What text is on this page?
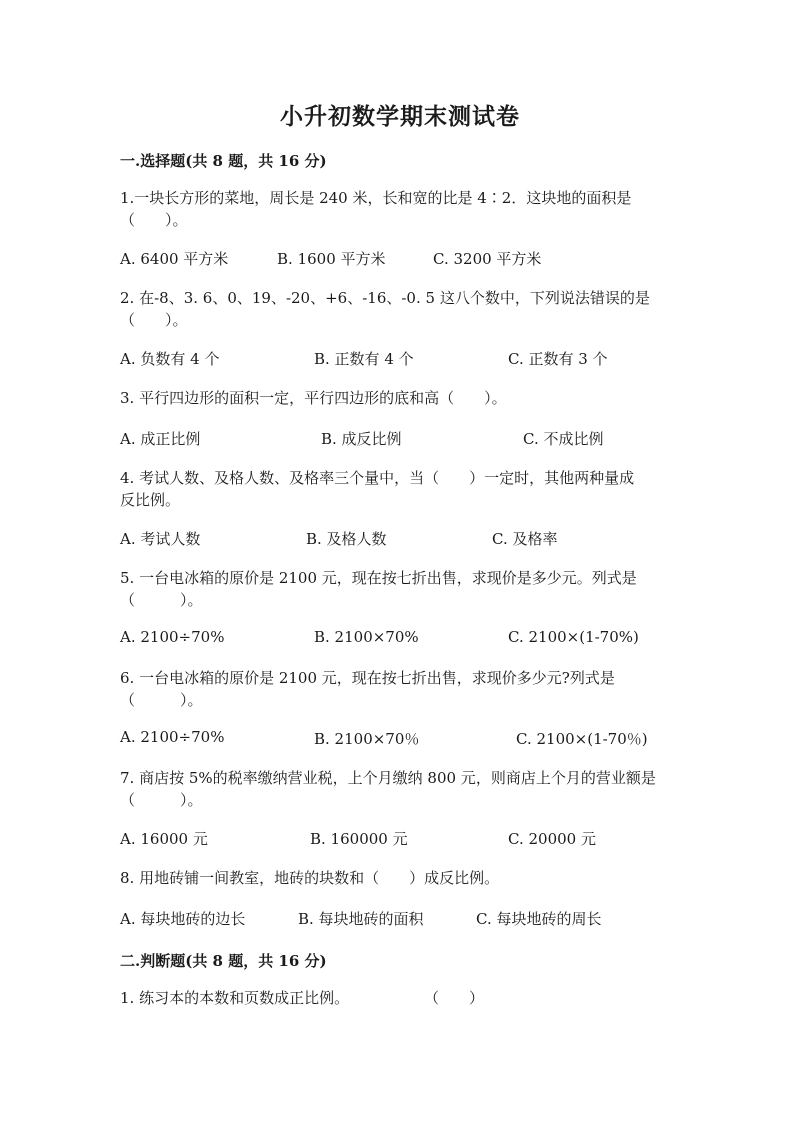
小升初数学期末测试卷
一.选择题(共 8 题，共 16 分)
1.一块长方形的菜地，周长是 240 米，长和宽的比是 4∶2．这块地的面积是
（　　）。
A. 6400 平方米	B. 1600 平方米	C. 3200 平方米
2. 在-8、3. 6、0、19、-20、+6、-16、-0. 5 这八个数中，下列说法错误的是
（　　）。
A. 负数有 4 个	B. 正数有 4 个	C. 正数有 3 个
3. 平行四边形的面积一定，平行四边形的底和高（　　）。
A. 成正比例	B. 成反比例	C. 不成比例
4. 考试人数、及格人数、及格率三个量中，当（　　）一定时，其他两种量成
反比例。
A. 考试人数	B. 及格人数	C. 及格率
5. 一台电冰箱的原价是 2100 元，现在按七折出售，求现价是多少元。列式是
（　　　）。
A. 2100÷70%	B. 2100×70%	C. 2100×(1-70%)
6. 一台电冰箱的原价是 2100 元，现在按七折出售，求现价多少元?列式是
（　　　）。
A. 2100÷70%	B. 2100×70％	C. 2100×(1-70％)
7. 商店按 5%的税率缴纳营业税，上个月缴纳 800 元，则商店上个月的营业额是
（　　　）。
A. 16000 元	B. 160000 元	C. 20000 元
8. 用地砖铺一间教室，地砖的块数和（　　）成反比例。
A. 每块地砖的边长	B. 每块地砖的面积	C. 每块地砖的周长
二.判断题(共 8 题，共 16 分)
1. 练习本的本数和页数成正比例。	（　　）
